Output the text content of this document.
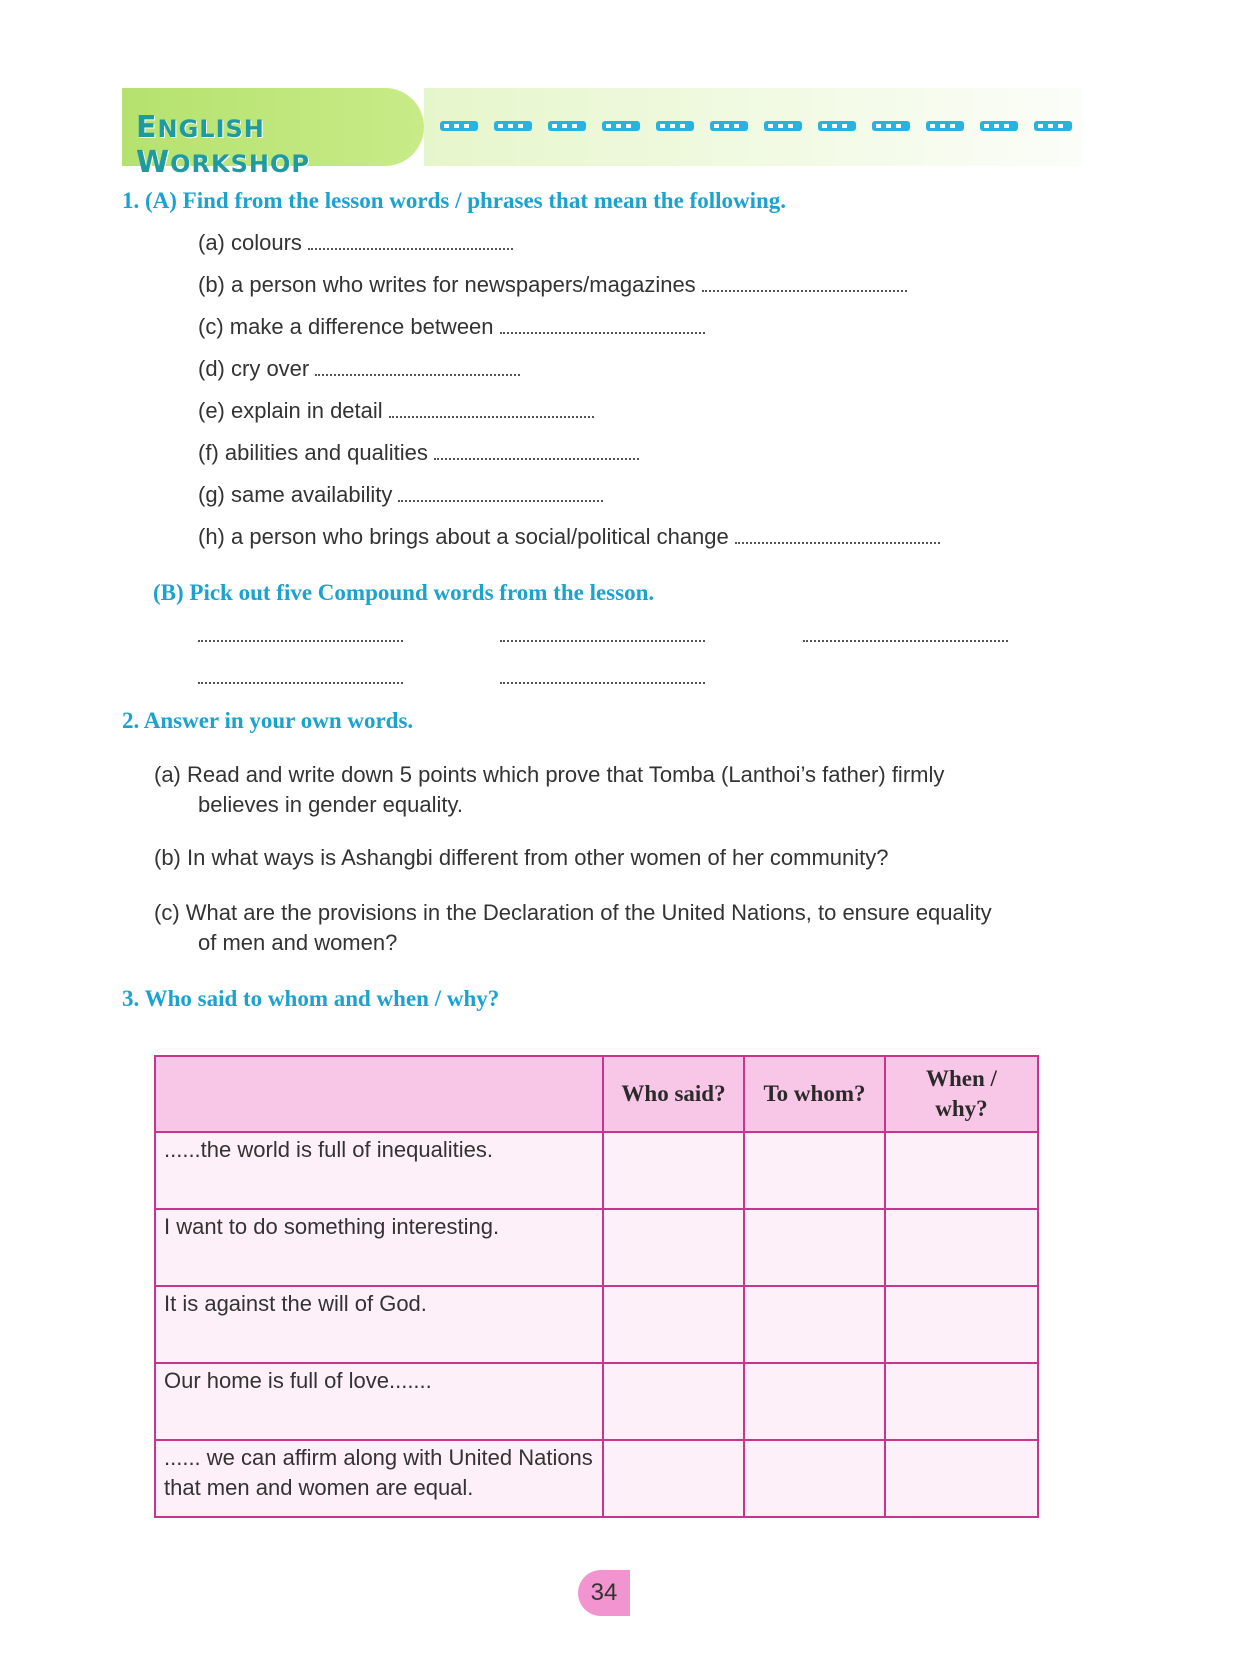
ENGLISH WORKSHOP
1. (A) Find from the lesson words / phrases that mean the following.
(a) colours
(b) a person who writes for newspapers/magazines
(c) make a difference between
(d) cry over
(e) explain in detail
(f) abilities and qualities
(g) same availability
(h) a person who brings about a social/political change
(B) Pick out five Compound words from the lesson.
2. Answer in your own words.
(a) Read and write down 5 points which prove that Tomba (Lanthoi’s father) firmly
believes in gender equality.
(b) In what ways is Ashangbi different from other women of her community?
(c) What are the provisions in the Declaration of the United Nations, to ensure equality
of men and women?
3. Who said to whom and when / why?
	Who said?	To whom?	When /
why?
......the world is full of inequalities.			
I want to do something interesting.			
It is against the will of God.			
Our home is full of love.......			
...... we can affirm along with United Nations that men and women are equal.			
34
